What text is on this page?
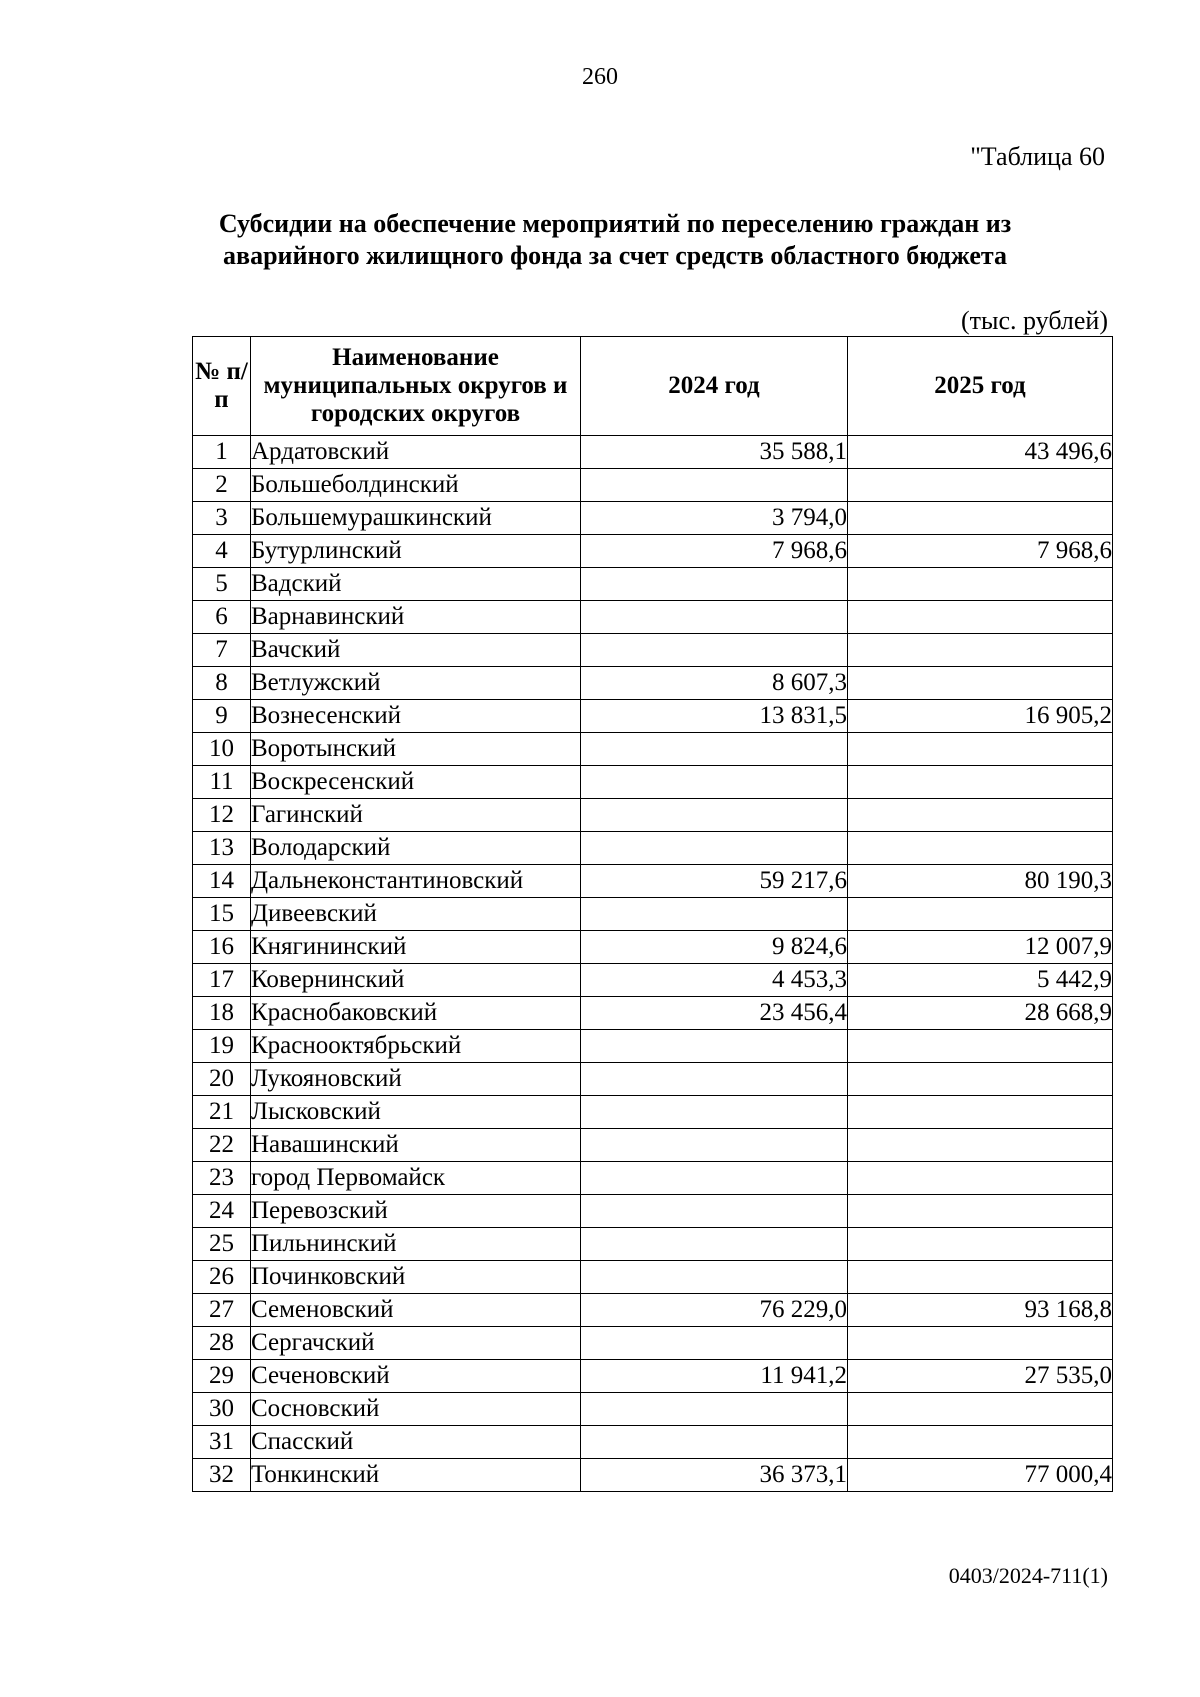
260
"Таблица 60
Субсидии на обеспечение мероприятий по переселению граждан из аварийного жилищного фонда за счет средств областного бюджета
(тыс. рублей)
№ п/п	Наименование муниципальных округов и городских округов	2024 год	2025 год
1	Ардатовский	35 588,1	43 496,6
2	Большеболдинский		
3	Большемурашкинский	3 794,0	
4	Бутурлинский	7 968,6	7 968,6
5	Вадский		
6	Варнавинский		
7	Вачский		
8	Ветлужский	8 607,3	
9	Вознесенский	13 831,5	16 905,2
10	Воротынский		
11	Воскресенский		
12	Гагинский		
13	Володарский		
14	Дальнеконстантиновский	59 217,6	80 190,3
15	Дивеевский		
16	Княгининский	9 824,6	12 007,9
17	Ковернинский	4 453,3	5 442,9
18	Краснобаковский	23 456,4	28 668,9
19	Краснооктябрьский		
20	Лукояновский		
21	Лысковский		
22	Навашинский		
23	город Первомайск		
24	Перевозский		
25	Пильнинский		
26	Починковский		
27	Семеновский	76 229,0	93 168,8
28	Сергачский		
29	Сеченовский	11 941,2	27 535,0
30	Сосновский		
31	Спасский		
32	Тонкинский	36 373,1	77 000,4
0403/2024-711(1)
